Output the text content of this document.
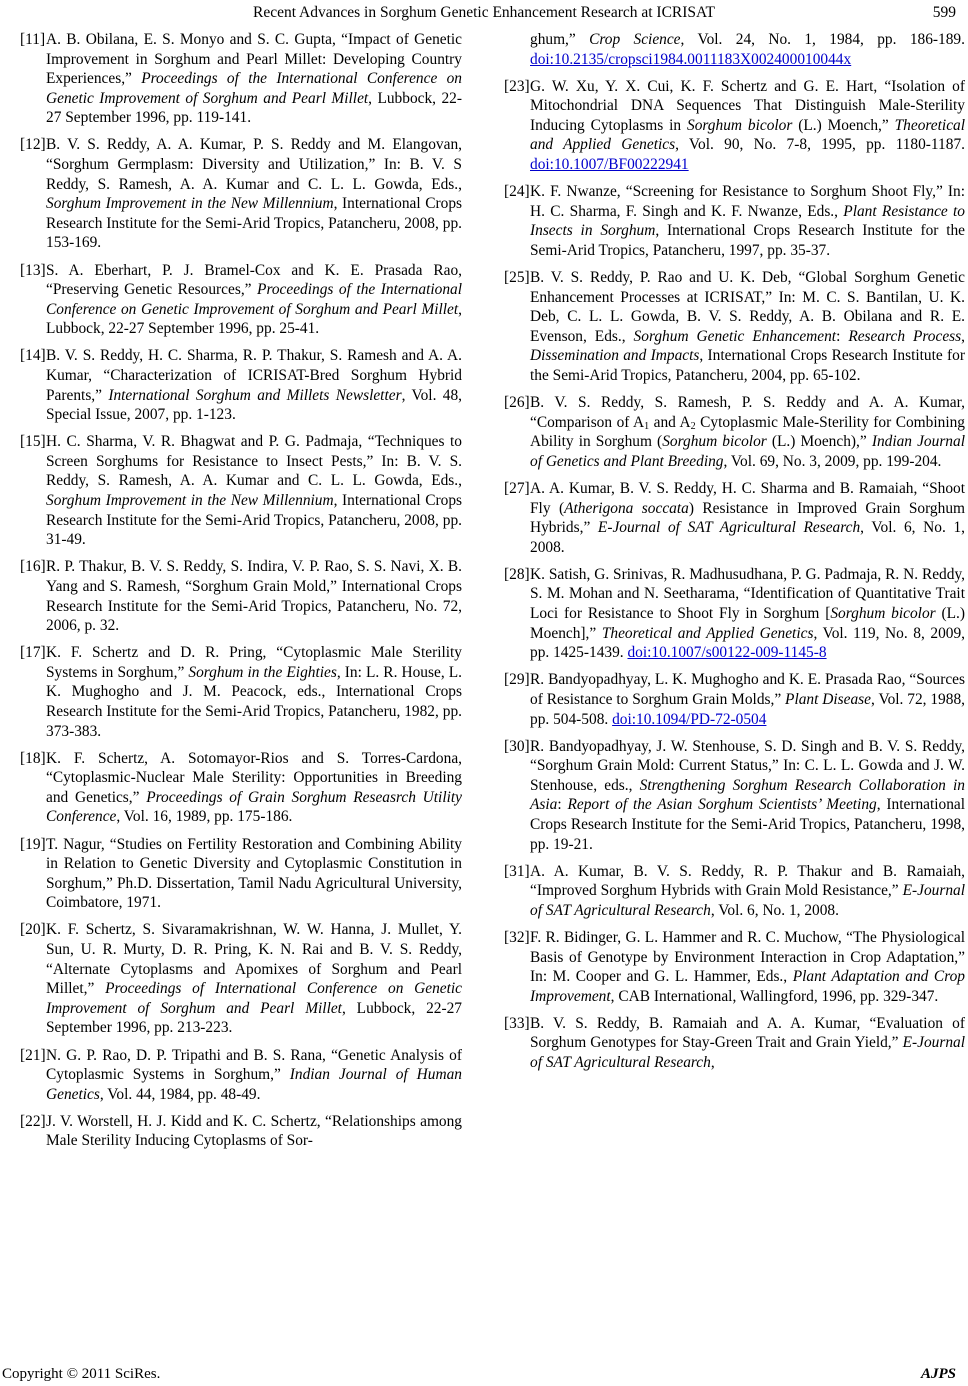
Recent Advances in Sorghum Genetic Enhancement Research at ICRISAT	599
[11] A. B. Obilana, E. S. Monyo and S. C. Gupta, “Impact of Genetic Improvement in Sorghum and Pearl Millet: Developing Country Experiences,” Proceedings of the International Conference on Genetic Improvement of Sorghum and Pearl Millet, Lubbock, 22-27 September 1996, pp. 119-141.
[12] B. V. S. Reddy, A. A. Kumar, P. S. Reddy and M. Elangovan, “Sorghum Germplasm: Diversity and Utilization,” In: B. V. S Reddy, S. Ramesh, A. A. Kumar and C. L. L. Gowda, Eds., Sorghum Improvement in the New Millennium, International Crops Research Institute for the Semi-Arid Tropics, Patancheru, 2008, pp. 153-169.
[13] S. A. Eberhart, P. J. Bramel-Cox and K. E. Prasada Rao, “Preserving Genetic Resources,” Proceedings of the International Conference on Genetic Improvement of Sorghum and Pearl Millet, Lubbock, 22-27 September 1996, pp. 25-41.
[14] B. V. S. Reddy, H. C. Sharma, R. P. Thakur, S. Ramesh and A. A. Kumar, “Characterization of ICRISAT-Bred Sorghum Hybrid Parents,” International Sorghum and Millets Newsletter, Vol. 48, Special Issue, 2007, pp. 1-123.
[15] H. C. Sharma, V. R. Bhagwat and P. G. Padmaja, “Techniques to Screen Sorghums for Resistance to Insect Pests,” In: B. V. S. Reddy, S. Ramesh, A. A. Kumar and C. L. L. Gowda, Eds., Sorghum Improvement in the New Millennium, International Crops Research Institute for the Semi-Arid Tropics, Patancheru, 2008, pp. 31-49.
[16] R. P. Thakur, B. V. S. Reddy, S. Indira, V. P. Rao, S. S. Navi, X. B. Yang and S. Ramesh, “Sorghum Grain Mold,” International Crops Research Institute for the Semi-Arid Tropics, Patancheru, No. 72, 2006, p. 32.
[17] K. F. Schertz and D. R. Pring, “Cytoplasmic Male Sterility Systems in Sorghum,” Sorghum in the Eighties, In: L. R. House, L. K. Mughogho and J. M. Peacock, eds., International Crops Research Institute for the Semi-Arid Tropics, Patancheru, 1982, pp. 373-383.
[18] K. F. Schertz, A. Sotomayor-Rios and S. Torres-Cardona, “Cytoplasmic-Nuclear Male Sterility: Opportunities in Breeding and Genetics,” Proceedings of Grain Sorghum Reseasrch Utility Conference, Vol. 16, 1989, pp. 175-186.
[19] T. Nagur, “Studies on Fertility Restoration and Combining Ability in Relation to Genetic Diversity and Cytoplasmic Constitution in Sorghum,” Ph.D. Dissertation, Tamil Nadu Agricultural University, Coimbatore, 1971.
[20] K. F. Schertz, S. Sivaramakrishnan, W. W. Hanna, J. Mullet, Y. Sun, U. R. Murty, D. R. Pring, K. N. Rai and B. V. S. Reddy, “Alternate Cytoplasms and Apomixes of Sorghum and Pearl Millet,” Proceedings of International Conference on Genetic Improvement of Sorghum and Pearl Millet, Lubbock, 22-27 September 1996, pp. 213-223.
[21] N. G. P. Rao, D. P. Tripathi and B. S. Rana, “Genetic Analysis of Cytoplasmic Systems in Sorghum,” Indian Journal of Human Genetics, Vol. 44, 1984, pp. 48-49.
[22] J. V. Worstell, H. J. Kidd and K. C. Schertz, “Relationships among Male Sterility Inducing Cytoplasms of Sor-
ghum,” Crop Science, Vol. 24, No. 1, 1984, pp. 186-189. doi:10.2135/cropsci1984.0011183X002400010044x
[23] G. W. Xu, Y. X. Cui, K. F. Schertz and G. E. Hart, “Isolation of Mitochondrial DNA Sequences That Distinguish Male-Sterility Inducing Cytoplasms in Sorghum bicolor (L.) Moench,” Theoretical and Applied Genetics, Vol. 90, No. 7-8, 1995, pp. 1180-1187. doi:10.1007/BF00222941
[24] K. F. Nwanze, “Screening for Resistance to Sorghum Shoot Fly,” In: H. C. Sharma, F. Singh and K. F. Nwanze, Eds., Plant Resistance to Insects in Sorghum, International Crops Research Institute for the Semi-Arid Tropics, Patancheru, 1997, pp. 35-37.
[25] B. V. S. Reddy, P. Rao and U. K. Deb, “Global Sorghum Genetic Enhancement Processes at ICRISAT,” In: M. C. S. Bantilan, U. K. Deb, C. L. L. Gowda, B. V. S. Reddy, A. B. Obilana and R. E. Evenson, Eds., Sorghum Genetic Enhancement: Research Process, Dissemination and Impacts, International Crops Research Institute for the Semi-Arid Tropics, Patancheru, 2004, pp. 65-102.
[26] B. V. S. Reddy, S. Ramesh, P. S. Reddy and A. A. Kumar, “Comparison of $A_1$ and $A_2$ Cytoplasmic Male-Sterility for Combining Ability in Sorghum (Sorghum bicolor (L.) Moench),” Indian Journal of Genetics and Plant Breeding, Vol. 69, No. 3, 2009, pp. 199-204.
[27] A. A. Kumar, B. V. S. Reddy, H. C. Sharma and B. Ramaiah, “Shoot Fly (Atherigona soccata) Resistance in Improved Grain Sorghum Hybrids,” E-Journal of SAT Agricultural Research, Vol. 6, No. 1, 2008.
[28] K. Satish, G. Srinivas, R. Madhusudhana, P. G. Padmaja, R. N. Reddy, S. M. Mohan and N. Seetharama, “Identification of Quantitative Trait Loci for Resistance to Shoot Fly in Sorghum [Sorghum bicolor (L.) Moench],” Theoretical and Applied Genetics, Vol. 119, No. 8, 2009, pp. 1425-1439. doi:10.1007/s00122-009-1145-8
[29] R. Bandyopadhyay, L. K. Mughogho and K. E. Prasada Rao, “Sources of Resistance to Sorghum Grain Molds,” Plant Disease, Vol. 72, 1988, pp. 504-508. doi:10.1094/PD-72-0504
[30] R. Bandyopadhyay, J. W. Stenhouse, S. D. Singh and B. V. S. Reddy, “Sorghum Grain Mold: Current Status,” In: C. L. L. Gowda and J. W. Stenhouse, eds., Strengthening Sorghum Research Collaboration in Asia: Report of the Asian Sorghum Scientists’ Meeting, International Crops Research Institute for the Semi-Arid Tropics, Patancheru, 1998, pp. 19-21.
[31] A. A. Kumar, B. V. S. Reddy, R. P. Thakur and B. Ramaiah, “Improved Sorghum Hybrids with Grain Mold Resistance,” E-Journal of SAT Agricultural Research, Vol. 6, No. 1, 2008.
[32] F. R. Bidinger, G. L. Hammer and R. C. Muchow, “The Physiological Basis of Genotype by Environment Interaction in Crop Adaptation,” In: M. Cooper and G. L. Hammer, Eds., Plant Adaptation and Crop Improvement, CAB International, Wallingford, 1996, pp. 329-347.
[33] B. V. S. Reddy, B. Ramaiah and A. A. Kumar, “Evaluation of Sorghum Genotypes for Stay-Green Trait and Grain Yield,” E-Journal of SAT Agricultural Research,
Copyright © 2011 SciRes.	AJPS
